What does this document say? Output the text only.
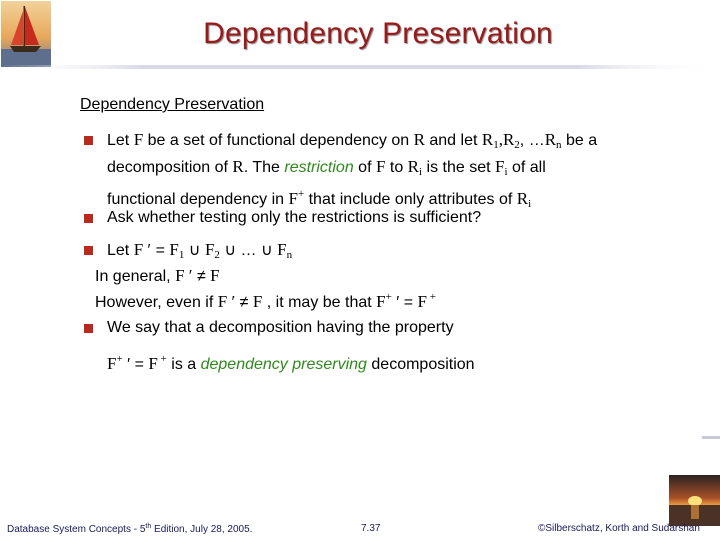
Dependency Preservation
Dependency Preservation
Let F be a set of functional dependency on R and let $R_1,R_2$, $\dots R_n$ be a
decomposition of R. The restriction of F to $R_i$ is the set $F_i$ of all
functional dependency in F+ that include only attributes of $R_i$
Ask whether testing only the restrictions is sufficient?
Let F ′ = $F_1$ ∪ $F_2$ ∪ … ∪ $F_n$
In general, F ′ ≠ F
However, even if F ′ ≠ F , it may be that F+ ′ = F +
We say that a decomposition having the property
F+ ′ = F + is a dependency preserving decomposition
Database System Concepts - 5th Edition, July 28, 2005.	7.37	©Silberschatz, Korth and Sudarshan
